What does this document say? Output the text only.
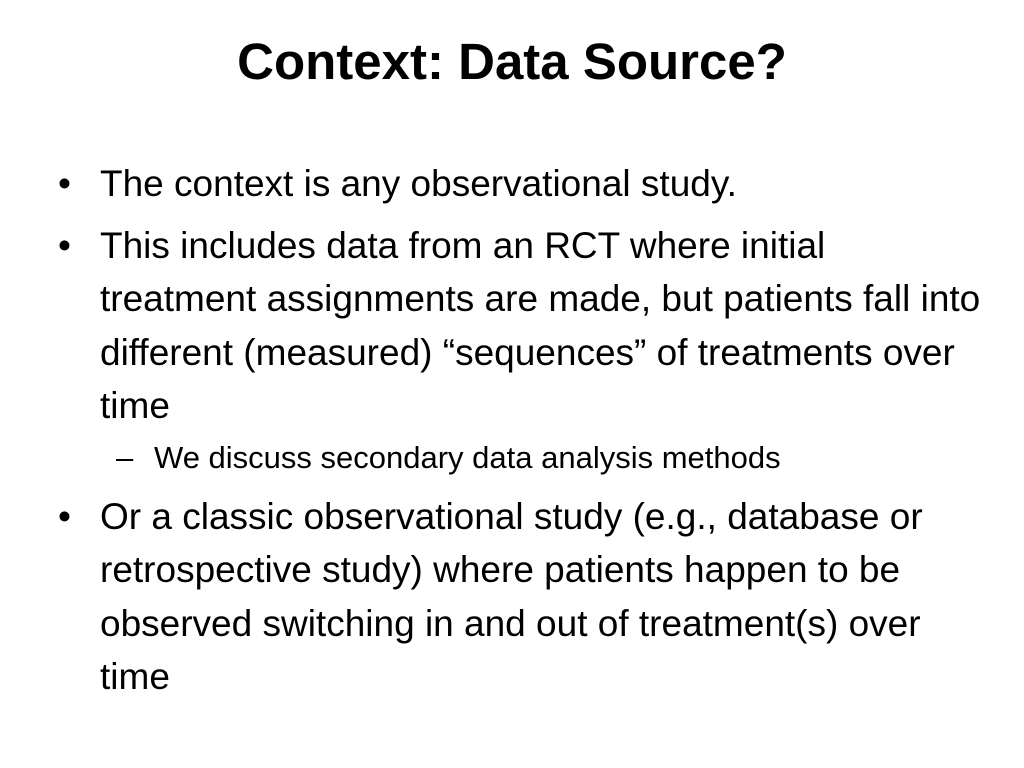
Context: Data Source?
• The context is any observational study.
• This includes data from an RCT where initial treatment assignments are made, but patients fall into different (measured) “sequences” of treatments over time
– We discuss secondary data analysis methods
• Or a classic observational study (e.g., database or retrospective study) where patients happen to be observed switching in and out of treatment(s) over time
